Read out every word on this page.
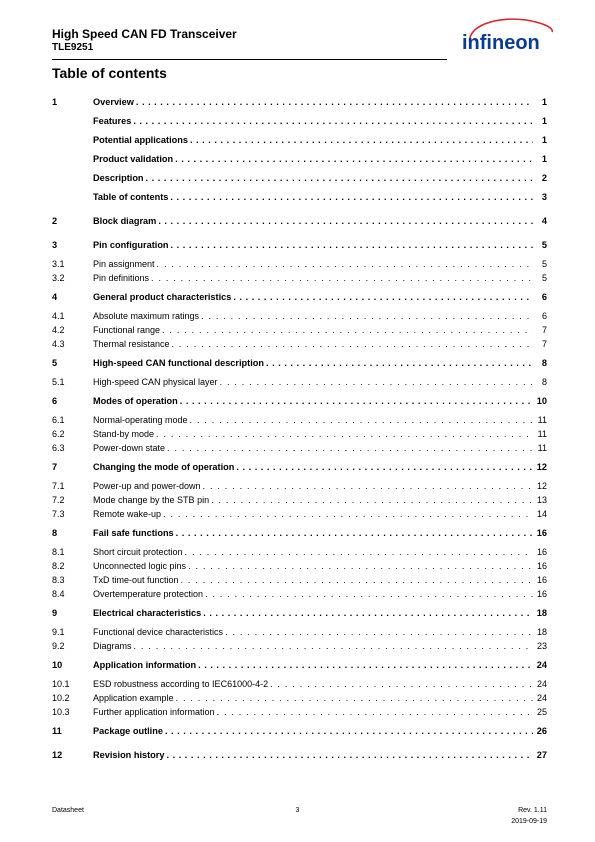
High Speed CAN FD Transceiver
TLE9251	infineon
Table of contents
1	Overview . . .	1
Features . . .	1
Potential applications . . .	1
Product validation . . .	1
Description . . .	2
Table of contents . . .	3
2	Block diagram . . .	4
3	Pin configuration . . .	5
3.1	Pin assignment . . .	5
3.2	Pin definitions . . .	5
4	General product characteristics . . .	6
4.1	Absolute maximum ratings . . .	6
4.2	Functional range . . .	7
4.3	Thermal resistance . . .	7
5	High-speed CAN functional description . . .	8
5.1	High-speed CAN physical layer . . .	8
6	Modes of operation . . .	10
6.1	Normal-operating mode . . .	11
6.2	Stand-by mode . . .	11
6.3	Power-down state . . .	11
7	Changing the mode of operation . . .	12
7.1	Power-up and power-down . . .	12
7.2	Mode change by the STB pin . . .	13
7.3	Remote wake-up . . .	14
8	Fail safe functions . . .	16
8.1	Short circuit protection . . .	16
8.2	Unconnected logic pins . . .	16
8.3	TxD time-out function . . .	16
8.4	Overtemperature protection . . .	16
9	Electrical characteristics . . .	18
9.1	Functional device characteristics . . .	18
9.2	Diagrams . . .	23
10	Application information . . .	24
10.1	ESD robustness according to IEC61000-4-2 . . .	24
10.2	Application example . . .	24
10.3	Further application information . . .	25
11	Package outline . . .	26
12	Revision history . . .	27
Datasheet	3	Rev. 1.11
2019-09-19
